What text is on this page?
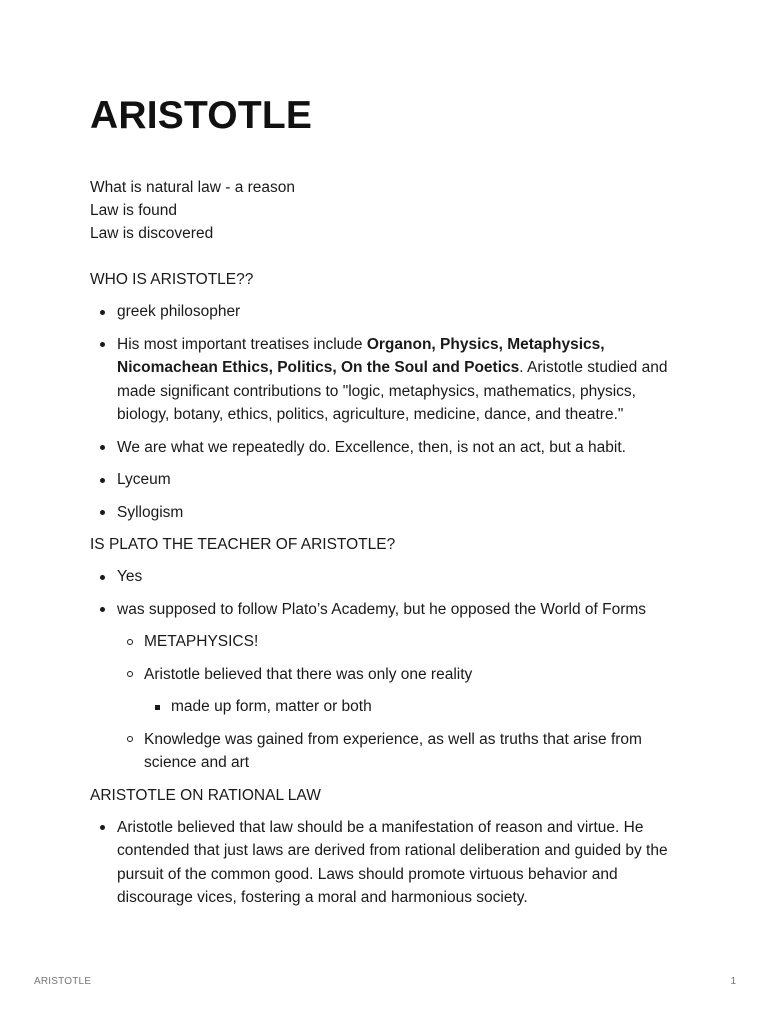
ARISTOTLE
What is natural law - a reason
Law is found
Law is discovered

WHO IS ARISTOTLE??

greek philosopher
His most important treatises include Organon, Physics, Metaphysics, Nicomachean Ethics, Politics, On the Soul and Poetics. Aristotle studied and made significant contributions to "logic, metaphysics, mathematics, physics, biology, botany, ethics, politics, agriculture, medicine, dance, and theatre."
We are what we repeatedly do. Excellence, then, is not an act, but a habit.
Lyceum
Syllogism

IS PLATO THE TEACHER OF ARISTOTLE?

Yes
was supposed to follow Plato’s Academy, but he opposed the World of Forms
METAPHYSICS!
Aristotle believed that there was only one reality
made up form, matter or both
Knowledge was gained from experience, as well as truths that arise from science and art

ARISTOTLE ON RATIONAL LAW

Aristotle believed that law should be a manifestation of reason and virtue. He contended that just laws are derived from rational deliberation and guided by the pursuit of the common good. Laws should promote virtuous behavior and discourage vices, fostering a moral and harmonious society.
ARISTOTLE	1
